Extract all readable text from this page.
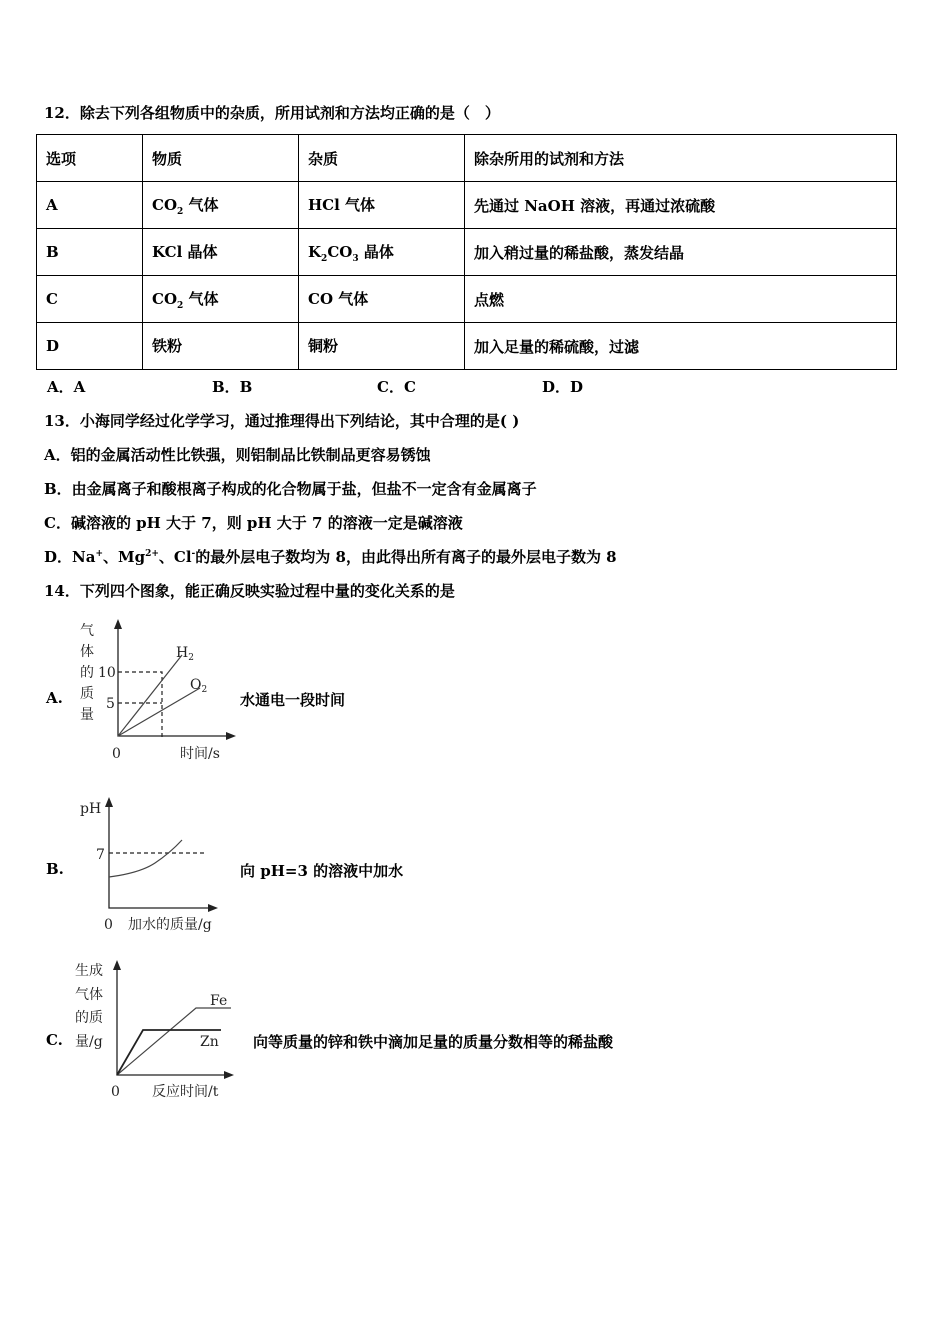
12．除去下列各组物质中的杂质，所用试剂和方法均正确的是（　）
选项	物质	杂质	除杂所用的试剂和方法
A	$CO_2$ 气体	HCl 气体	先通过 NaOH 溶液，再通过浓硫酸
B	KCl 晶体	$K_2CO_3$ 晶体	加入稍过量的稀盐酸，蒸发结晶
C	$CO_2$ 气体	CO 气体	点燃
D	铁粉	铜粉	加入足量的稀硫酸，过滤
A．A	B．B	C．C	D．D
13．小海同学经过化学学习，通过推理得出下列结论，其中合理的是( )
A．铝的金属活动性比铁强，则铝制品比铁制品更容易锈蚀
B．由金属离子和酸根离子构成的化合物属于盐，但盐不一定含有金属离子
C．碱溶液的 pH 大于 7，则 pH 大于 7 的溶液一定是碱溶液
D．Na+、$Mg^{2+}$、Cl-的最外层电子数均为 8，由此得出所有离子的最外层电子数为 8
14．下列四个图象，能正确反映实验过程中量的变化关系的是
A.	水通电一段时间
气
体
的
质
量
10
5
0	时间/s
$H_2$
$O_2$
B.	向 pH=3 的溶液中加水
pH
7
0 加水的质量/g
C.	向等质量的锌和铁中滴加足量的质量分数相等的稀盐酸
生成
气体
的质
量/g
Fe
Zn
0 反应时间/t
